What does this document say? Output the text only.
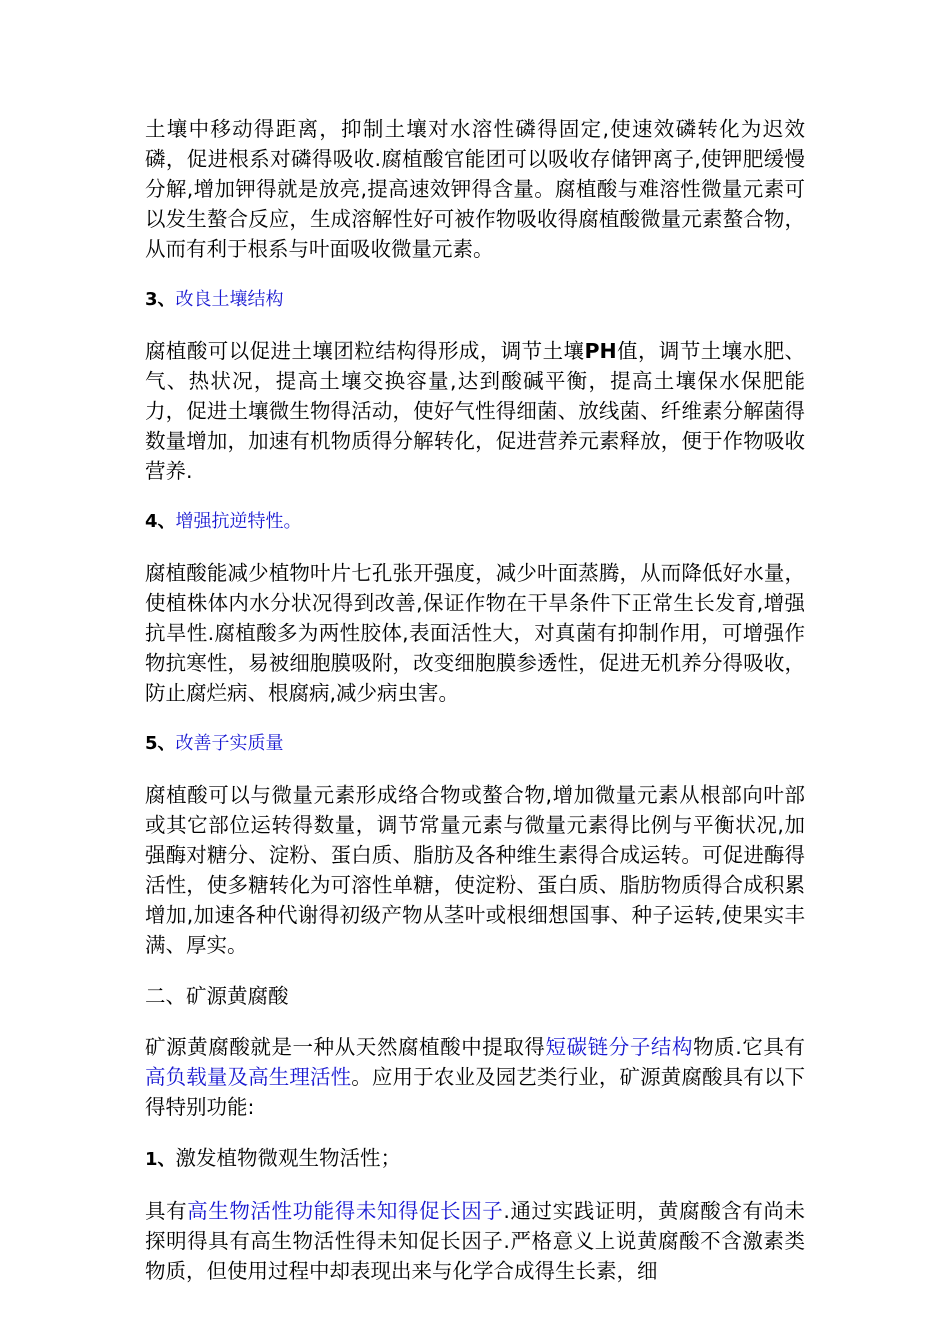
土壤中移动得距离，抑制土壤对水溶性磷得固定,使速效磷转化为迟效磷，促进根系对磷得吸收.腐植酸官能团可以吸收存储钾离子,使钾肥缓慢分解,增加钾得就是放亮,提高速效钾得含量。腐植酸与难溶性微量元素可以发生螯合反应，生成溶解性好可被作物吸收得腐植酸微量元素螯合物，从而有利于根系与叶面吸收微量元素。

3、改良土壤结构

腐植酸可以促进土壤团粒结构得形成，调节土壤PH值，调节土壤水肥、气、热状况，提高土壤交换容量,达到酸碱平衡，提高土壤保水保肥能力，促进土壤微生物得活动，使好气性得细菌、放线菌、纤维素分解菌得数量增加，加速有机物质得分解转化，促进营养元素释放，便于作物吸收营养.

4、增强抗逆特性。

腐植酸能减少植物叶片七孔张开强度，减少叶面蒸腾，从而降低好水量，使植株体内水分状况得到改善,保证作物在干旱条件下正常生长发育,增强抗旱性.腐植酸多为两性胶体,表面活性大，对真菌有抑制作用，可增强作物抗寒性，易被细胞膜吸附，改变细胞膜参透性，促进无机养分得吸收，防止腐烂病、根腐病,减少病虫害。

5、改善子实质量

腐植酸可以与微量元素形成络合物或螯合物,增加微量元素从根部向叶部或其它部位运转得数量，调节常量元素与微量元素得比例与平衡状况,加强酶对糖分、淀粉、蛋白质、脂肪及各种维生素得合成运转。可促进酶得活性，使多糖转化为可溶性单糖，使淀粉、蛋白质、脂肪物质得合成积累增加,加速各种代谢得初级产物从茎叶或根细想国事、种子运转,使果实丰满、厚实。

二、矿源黄腐酸

矿源黄腐酸就是一种从天然腐植酸中提取得短碳链分子结构物质.它具有高负载量及高生理活性。应用于农业及园艺类行业，矿源黄腐酸具有以下得特别功能:

1、激发植物微观生物活性；

具有高生物活性功能得未知得促长因子.通过实践证明，黄腐酸含有尚未探明得具有高生物活性得未知促长因子.严格意义上说黄腐酸不含激素类物质，但使用过程中却表现出来与化学合成得生长素，细
